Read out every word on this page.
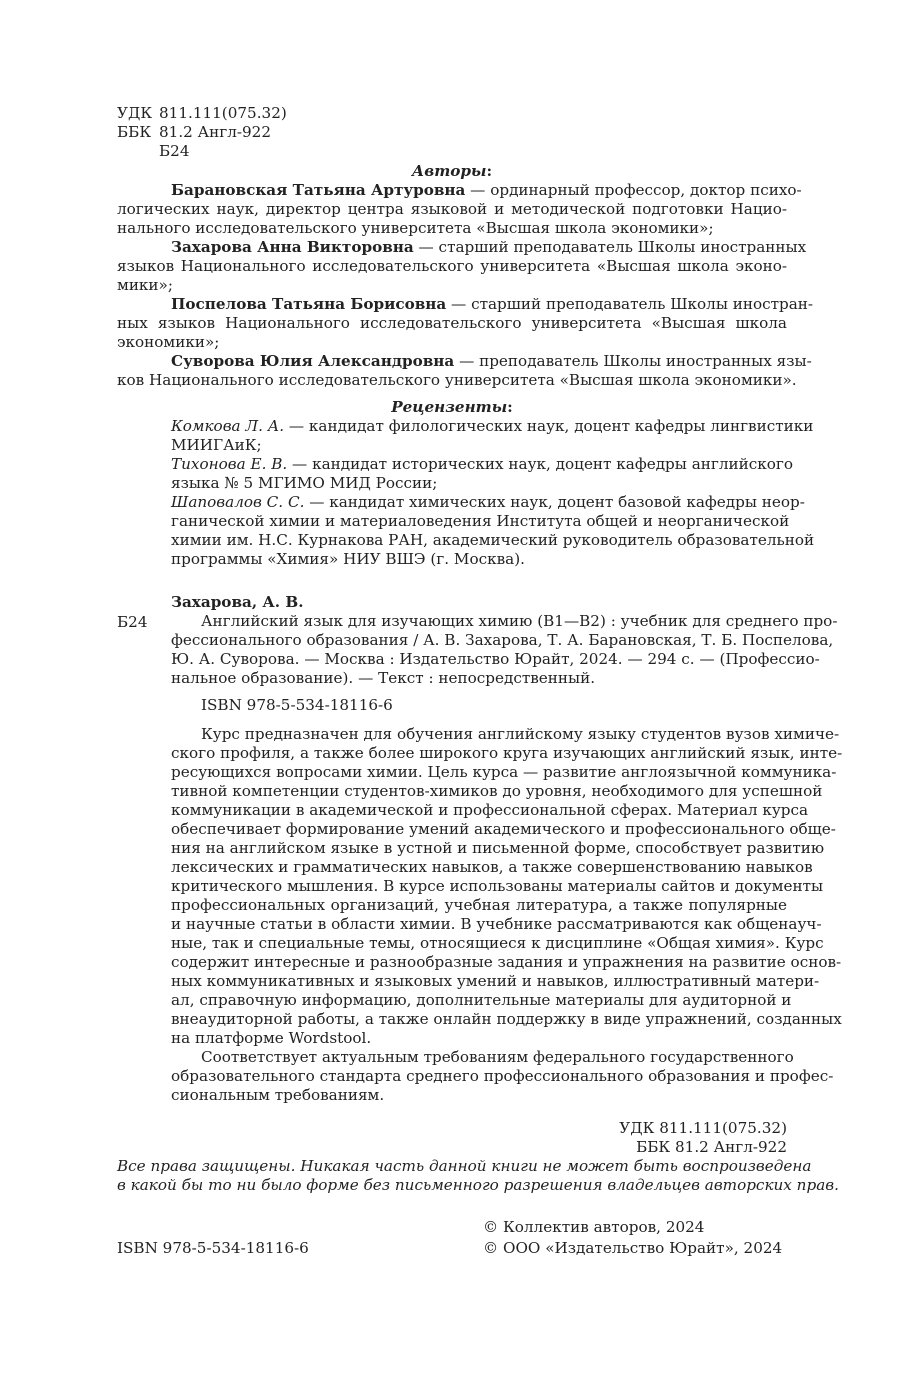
УДК 811.111(075.32)
ББК 81.2 Англ-922
Б24
Авторы:
Барановская Татьяна Артуровна — ординарный профессор, доктор психо-
логических наук, директор центра языковой и методической подготовки Нацио-
нального исследовательского университета «Высшая школа экономики»;
Захарова Анна Викторовна — старший преподаватель Школы иностранных
языков Национального исследовательского университета «Высшая школа эконо-
мики»;
Поспелова Татьяна Борисовна — старший преподаватель Школы иностран-
ных языков Национального исследовательского университета «Высшая школа
экономики»;
Суворова Юлия Александровна — преподаватель Школы иностранных язы-
ков Национального исследовательского университета «Высшая школа экономики».
Рецензенты:
Комкова Л. А. — кандидат филологических наук, доцент кафедры лингвистики
МИИГАиК;
Тихонова Е. В. — кандидат исторических наук, доцент кафедры английского
языка № 5 МГИМО МИД России;
Шаповалов С. С. — кандидат химических наук, доцент базовой кафедры неор-
ганической химии и материаловедения Института общей и неорганической
химии им. Н.С. Курнакова РАН, академический руководитель образовательной
программы «Химия» НИУ ВШЭ (г. Москва).
Захарова, А. В.
Б24	Английский язык для изучающих химию (B1—B2) : учебник для среднего про-
фессионального образования / А. В. Захарова, Т. А. Барановская, Т. Б. Поспелова,
Ю. А. Суворова. — Москва : Издательство Юрайт, 2024. — 294 с. — (Профессио-
нальное образование). — Текст : непосредственный.
ISBN 978-5-534-18116-6
Курс предназначен для обучения английскому языку студентов вузов химиче-
ского профиля, а также более широкого круга изучающих английский язык, инте-
ресующихся вопросами химии. Цель курса — развитие англоязычной коммуника-
тивной компетенции студентов-химиков до уровня, необходимого для успешной
коммуникации в академической и профессиональной сферах. Материал курса
обеспечивает формирование умений академического и профессионального обще-
ния на английском языке в устной и письменной форме, способствует развитию
лексических и грамматических навыков, а также совершенствованию навыков
критического мышления. В курсе использованы материалы сайтов и документы
профессиональных организаций, учебная литература, а также популярные
и научные статьи в области химии. В учебнике рассматриваются как общенауч-
ные, так и специальные темы, относящиеся к дисциплине «Общая химия». Курс
содержит интересные и разнообразные задания и упражнения на развитие основ-
ных коммуникативных и языковых умений и навыков, иллюстративный матери-
ал, справочную информацию, дополнительные материалы для аудиторной и
внеаудиторной работы, а также онлайн поддержку в виде упражнений, созданных
на платформе Wordstool.
Соответствует актуальным требованиям федерального государственного
образовательного стандарта среднего профессионального образования и профес-
сиональным требованиям.
УДК 811.111(075.32)
ББК 81.2 Англ-922
Все права защищены. Никакая часть данной книги не может быть воспроизведена
в какой бы то ни было форме без письменного разрешения владельцев авторских прав.
ISBN 978-5-534-18116-6
© Коллектив авторов, 2024
© ООО «Издательство Юрайт», 2024
